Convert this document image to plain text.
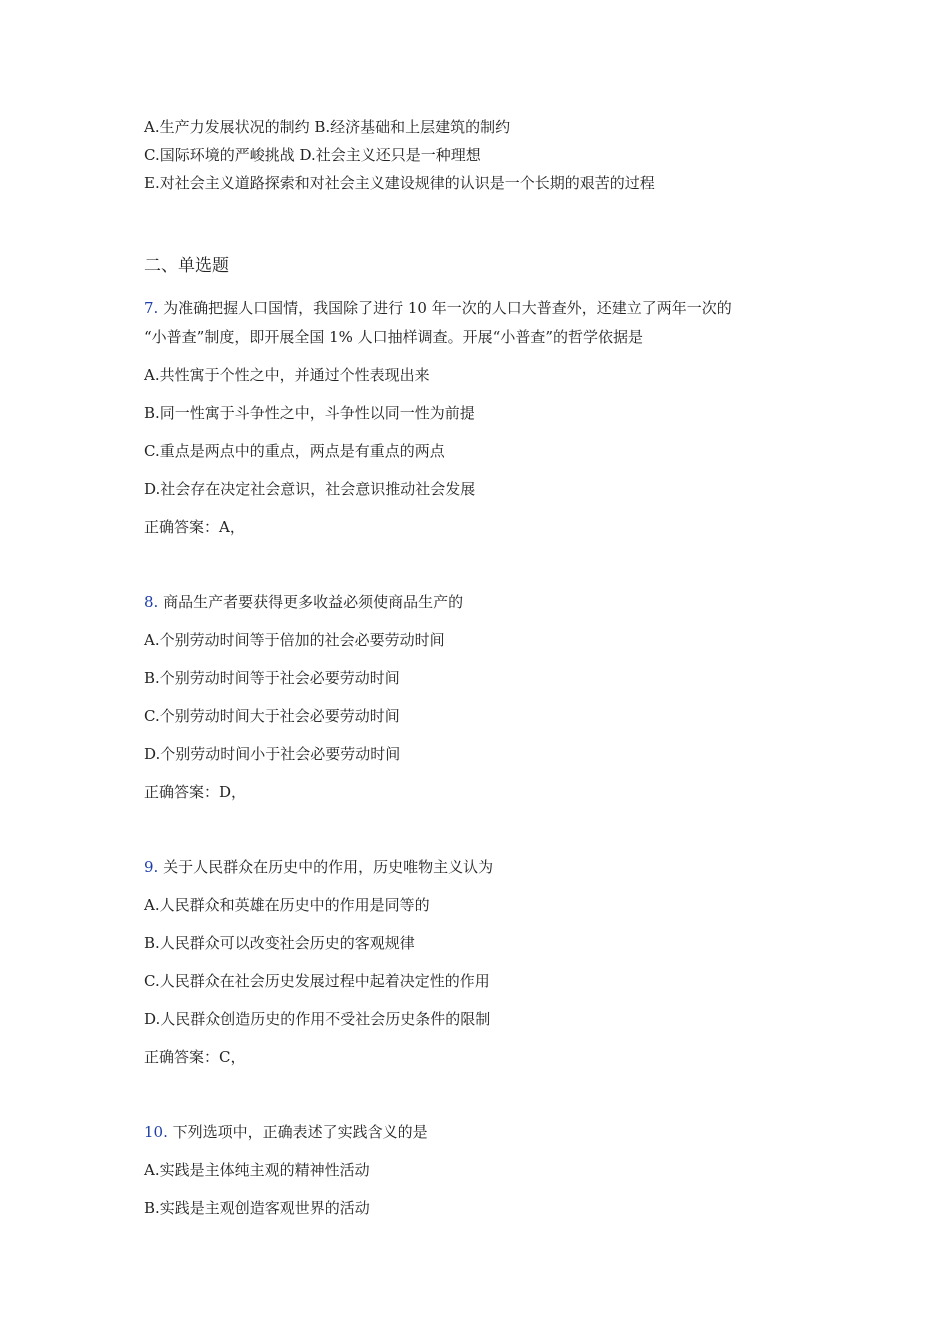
A.生产力发展状况的制约 B.经济基础和上层建筑的制约
C.国际环境的严峻挑战 D.社会主义还只是一种理想
E.对社会主义道路探索和对社会主义建设规律的认识是一个长期的艰苦的过程
二、单选题
7. 为准确把握人口国情，我国除了进行 10 年一次的人口大普查外，还建立了两年一次的
“小普查”制度，即开展全国 1% 人口抽样调查。开展“小普查”的哲学依据是
A.共性寓于个性之中，并通过个性表现出来
B.同一性寓于斗争性之中，斗争性以同一性为前提
C.重点是两点中的重点，两点是有重点的两点
D.社会存在决定社会意识，社会意识推动社会发展
正确答案：A，
8. 商品生产者要获得更多收益必须使商品生产的
A.个别劳动时间等于倍加的社会必要劳动时间
B.个别劳动时间等于社会必要劳动时间
C.个别劳动时间大于社会必要劳动时间
D.个别劳动时间小于社会必要劳动时间
正确答案：D，
9. 关于人民群众在历史中的作用，历史唯物主义认为
A.人民群众和英雄在历史中的作用是同等的
B.人民群众可以改变社会历史的客观规律
C.人民群众在社会历史发展过程中起着决定性的作用
D.人民群众创造历史的作用不受社会历史条件的限制
正确答案：C，
10. 下列选项中，正确表述了实践含义的是
A.实践是主体纯主观的精神性活动
B.实践是主观创造客观世界的活动
